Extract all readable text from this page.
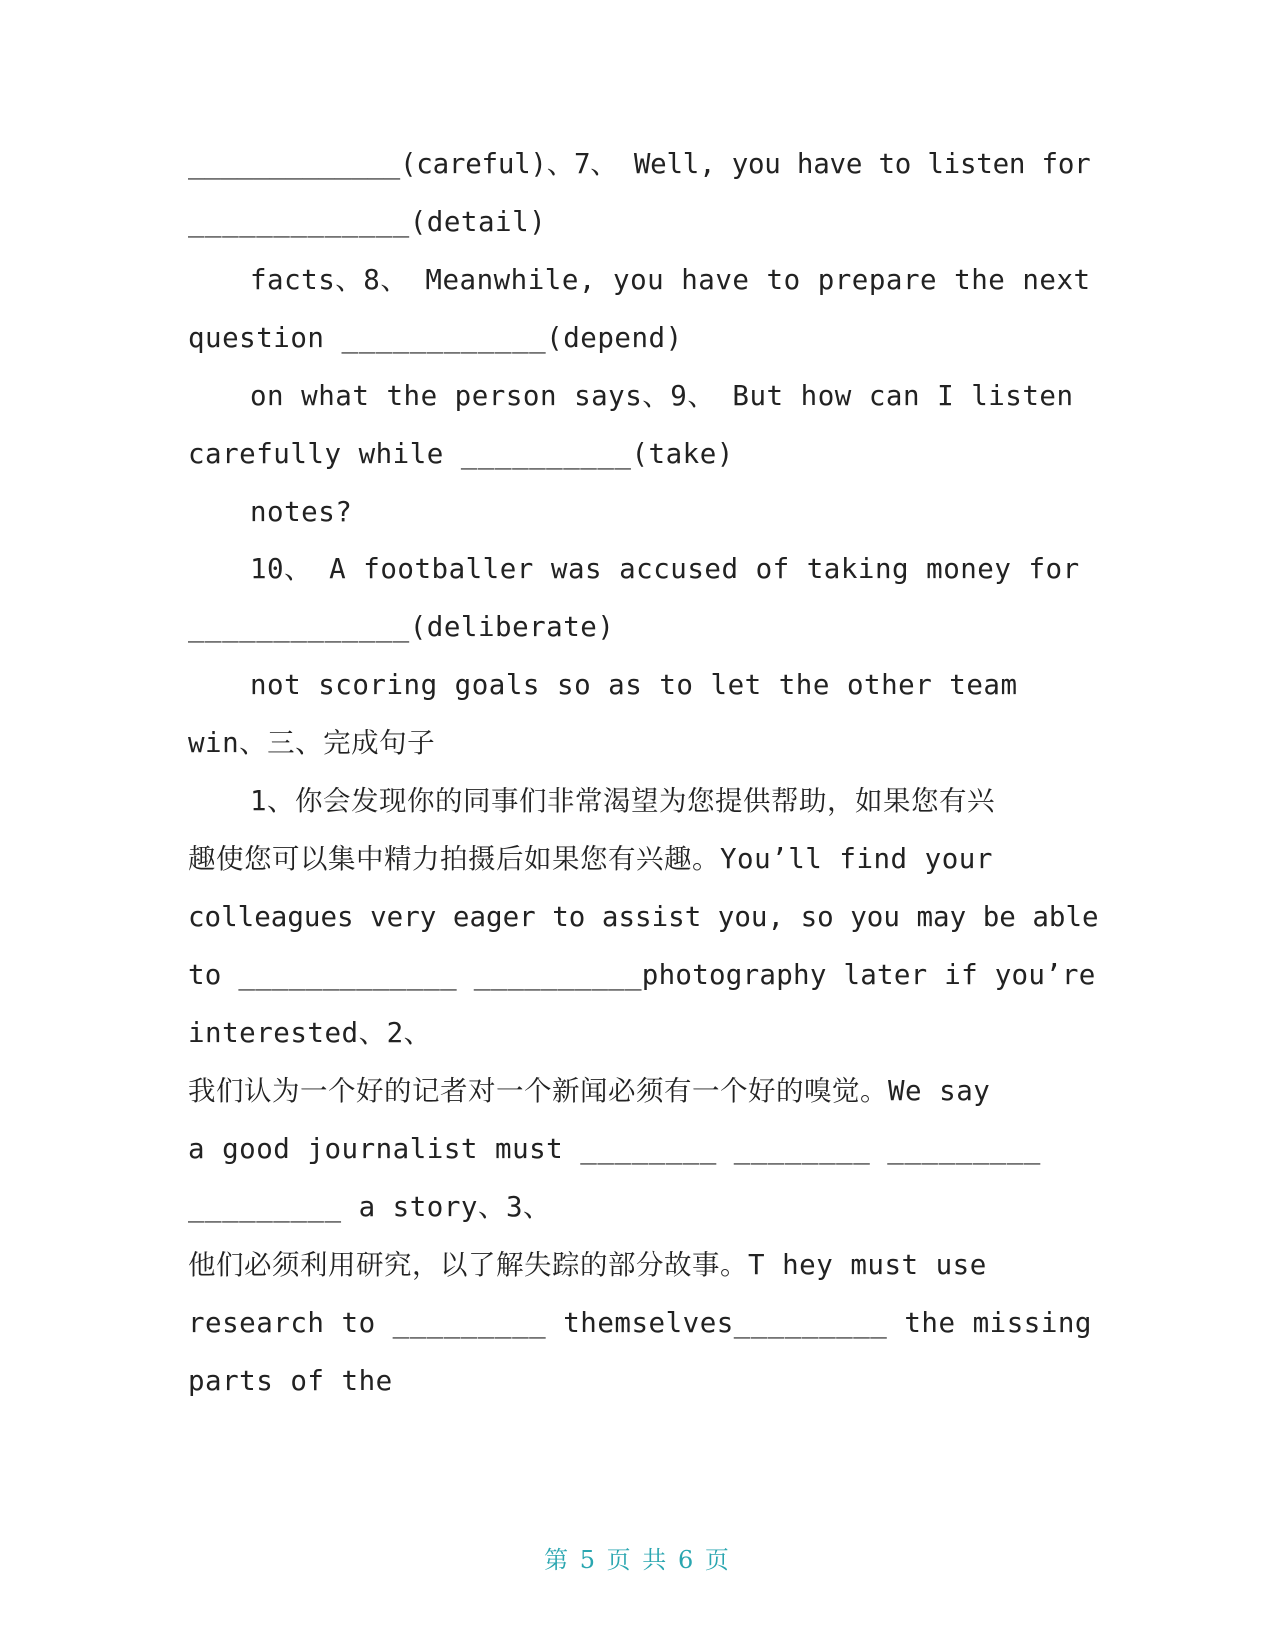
_____________(careful)、7、 Well, you have to listen for
_____________(detail)
facts、8、 Meanwhile, you have to prepare the next
question ____________(depend)
on what the person says、9、 But how can I listen
carefully while __________(take)
notes?
10、 A footballer was accused of taking money for
_____________(deliberate)
not scoring goals so as to let the other team
win、三、完成句子
1、你会发现你的同事们非常渴望为您提供帮助，如果您有兴
趣使您可以集中精力拍摄后如果您有兴趣。You’ll find your
colleagues very eager to assist you, so you may be able
to _____________ __________photography later if you’re
interested、2、
我们认为一个好的记者对一个新闻必须有一个好的嗅觉。We say
a good journalist must ________ ________ _________
_________ a story、3、
他们必须利用研究，以了解失踪的部分故事。T hey must use
research to _________ themselves_________ the missing
parts of the
第 5 页 共 6 页
